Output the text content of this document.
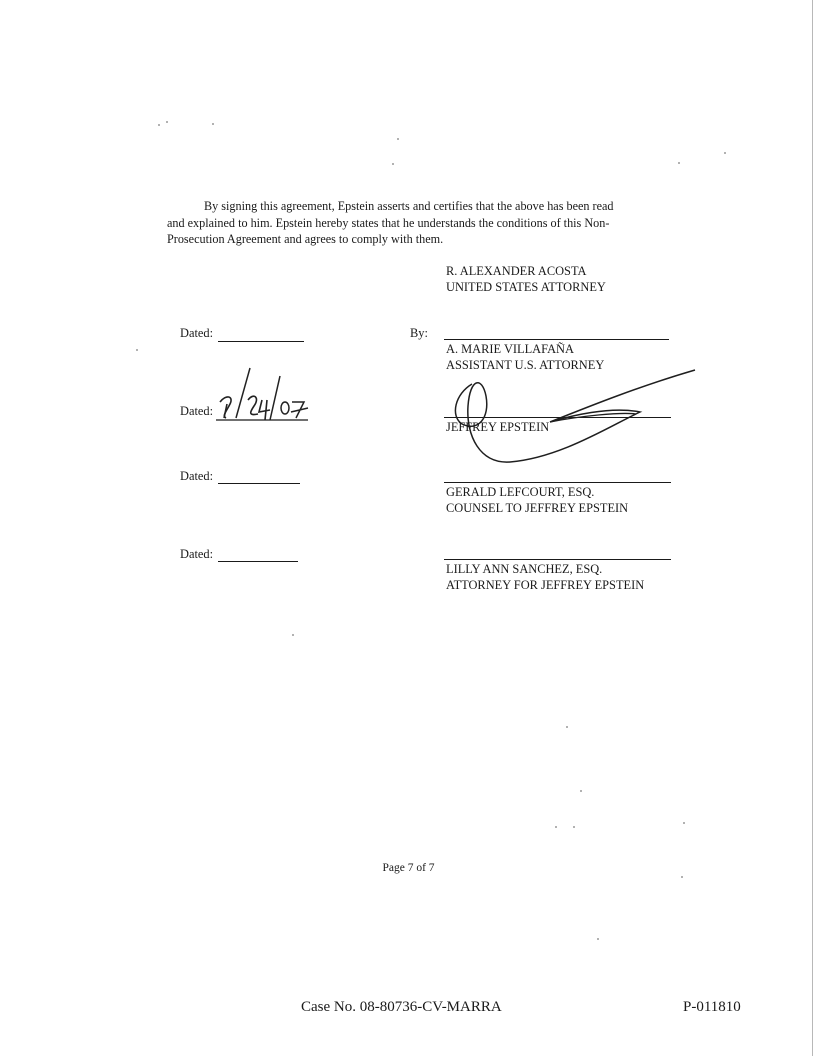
By signing this agreement, Epstein asserts and certifies that the above has been read
and explained to him. Epstein hereby states that he understands the conditions of this Non-
Prosecution Agreement and agrees to comply with them.
R. ALEXANDER ACOSTA
UNITED STATES ATTORNEY
Dated:	By:
A. MARIE VILLAFAÑA
ASSISTANT U.S. ATTORNEY
Dated:
JEFFREY EPSTEIN
Dated:
GERALD LEFCOURT, ESQ.
COUNSEL TO JEFFREY EPSTEIN
Dated:
LILLY ANN SANCHEZ, ESQ.
ATTORNEY FOR JEFFREY EPSTEIN
Page 7 of 7
Case No. 08-80736-CV-MARRA	P-011810
